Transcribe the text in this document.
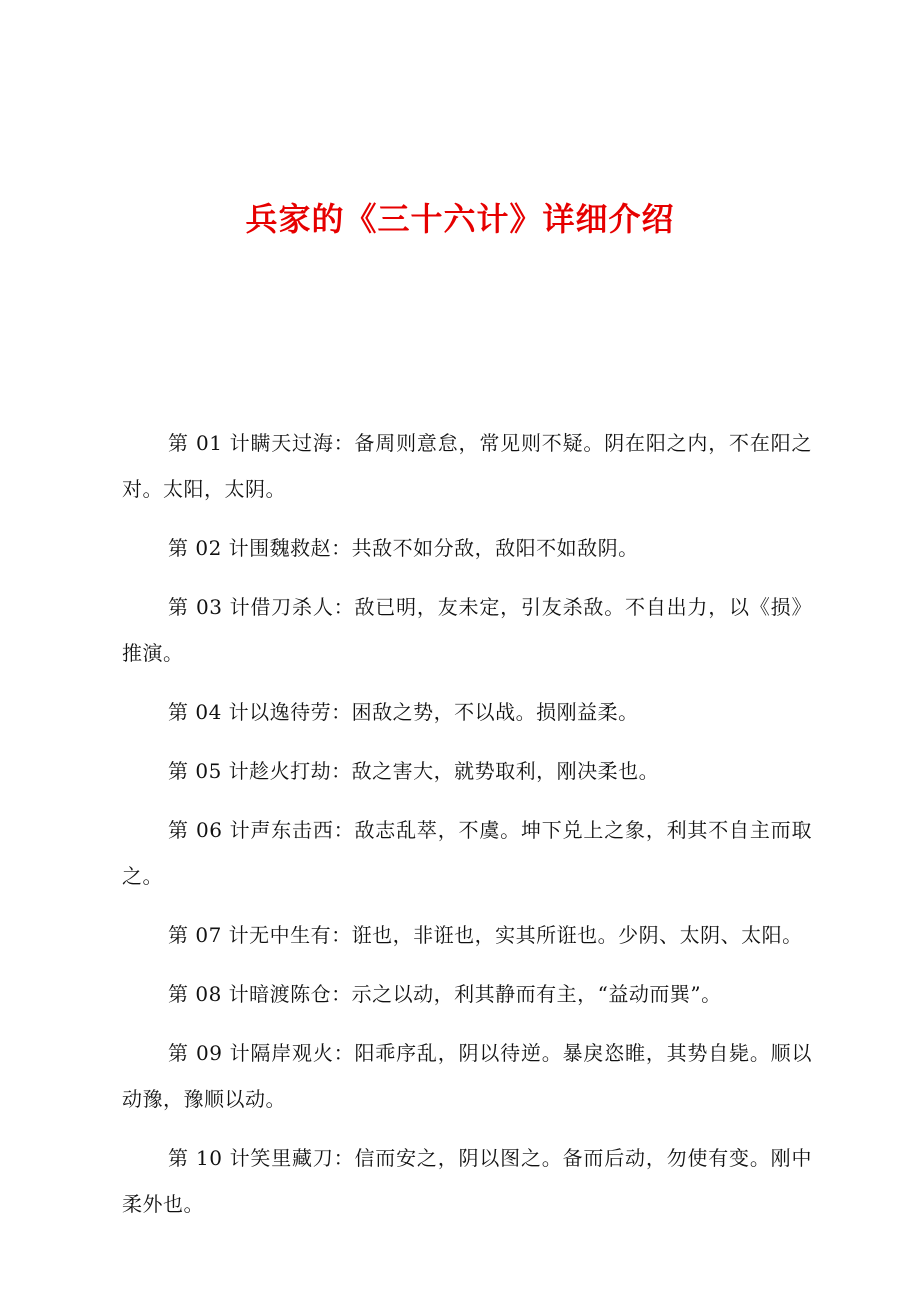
兵家的《三十六计》详细介绍

第 01 计瞒天过海：备周则意怠，常见则不疑。阴在阳之内，不在阳之对。太阳，太阴。

第 02 计围魏救赵：共敌不如分敌，敌阳不如敌阴。

第 03 计借刀杀人：敌已明，友未定，引友杀敌。不自出力，以《损》推演。

第 04 计以逸待劳：困敌之势，不以战。损刚益柔。

第 05 计趁火打劫：敌之害大，就势取利，刚决柔也。

第 06 计声东击西：敌志乱萃，不虞。坤下兑上之象，利其不自主而取之。

第 07 计无中生有：诳也，非诳也，实其所诳也。少阴、太阴、太阳。

第 08 计暗渡陈仓：示之以动，利其静而有主，“益动而巽”。

第 09 计隔岸观火：阳乖序乱，阴以待逆。暴戾恣睢，其势自毙。顺以动豫，豫顺以动。

第 10 计笑里藏刀：信而安之，阴以图之。备而后动，勿使有变。刚中柔外也。
